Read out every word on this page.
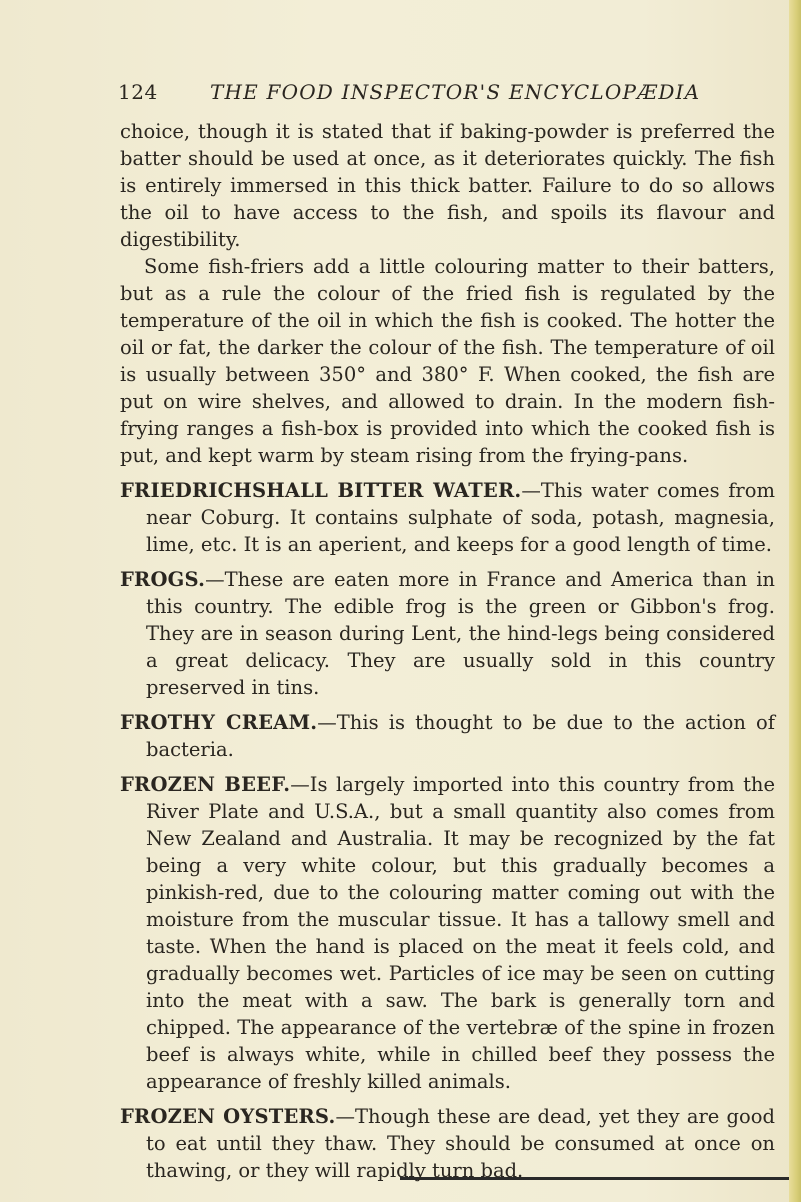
124	THE FOOD INSPECTOR'S ENCYCLOPÆDIA

choice, though it is stated that if baking-powder is preferred the batter should be used at once, as it deteriorates quickly. The fish is entirely immersed in this thick batter. Failure to do so allows the oil to have access to the fish, and spoils its flavour and digestibility.

Some fish-friers add a little colouring matter to their batters, but as a rule the colour of the fried fish is regulated by the temperature of the oil in which the fish is cooked. The hotter the oil or fat, the darker the colour of the fish. The temperature of oil is usually between 350° and 380° F. When cooked, the fish are put on wire shelves, and allowed to drain. In the modern fish-frying ranges a fish-box is provided into which the cooked fish is put, and kept warm by steam rising from the frying-pans.

FRIEDRICHSHALL BITTER WATER.—This water comes from near Coburg. It contains sulphate of soda, potash, magnesia, lime, etc. It is an aperient, and keeps for a good length of time.

FROGS.—These are eaten more in France and America than in this country. The edible frog is the green or Gibbon's frog. They are in season during Lent, the hind-legs being considered a great delicacy. They are usually sold in this country preserved in tins.

FROTHY CREAM.—This is thought to be due to the action of bacteria.

FROZEN BEEF.—Is largely imported into this country from the River Plate and U.S.A., but a small quantity also comes from New Zealand and Australia. It may be recognized by the fat being a very white colour, but this gradually becomes a pinkish-red, due to the colouring matter coming out with the moisture from the muscular tissue. It has a tallowy smell and taste. When the hand is placed on the meat it feels cold, and gradually becomes wet. Particles of ice may be seen on cutting into the meat with a saw. The bark is generally torn and chipped. The appearance of the vertebræ of the spine in frozen beef is always white, while in chilled beef they possess the appearance of freshly killed animals.

FROZEN OYSTERS.—Though these are dead, yet they are good to eat until they thaw. They should be consumed at once on thawing, or they will rapidly turn bad.
